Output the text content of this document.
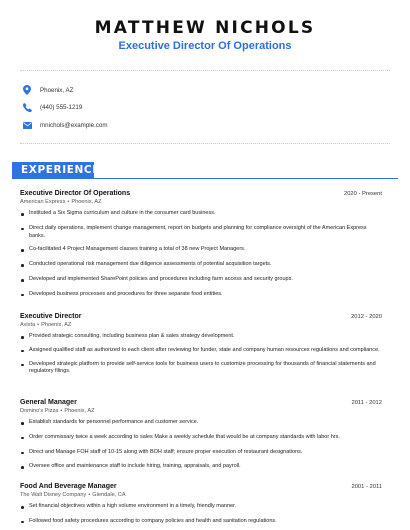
MATTHEW NICHOLS
Executive Director Of Operations
Phoenix, AZ
(440) 555-1219
mnichols@example.com
EXPERIENCE
Executive Director Of Operations	2020 - Present
American Express • Phoenix, AZ
Instituted a Six Sigma curriculum and culture in the consumer card business.
Direct daily operations, implement change management, report on budgets and planning for compliance oversight of the American Express banks.
Co-facilitated 4 Project Management classes training a total of 38 new Project Managers.
Conducted operational risk management due diligence assessments of potential acquisition targets.
Developed and implemented SharePoint policies and procedures including farm access and security groups.
Developed business processes and procedures for three separate food entities.
Executive Director	2012 - 2020
Avista • Phoenix, AZ
Provided strategic consulting, including business plan & sales strategy development.
Assigned qualified staff as authorized to each client after reviewing for funder, state and company human resources regulations and compliance.
Developed strategic platform to provide self-service tools for business users to customize processing for thousands of financial statements and regulatory filings.
General Manager	2011 - 2012
Domino's Pizza • Phoenix, AZ
Establish standards for personnel performance and customer service.
Order commissary twice a week according to sales Make a weekly schedule that would be at company standards with labor hrs.
Direct and Manage FOH staff of 10-15 along with BOH staff; ensure proper execution of restaurant designations.
Oversee office and maintenance staff to include hiring, training, appraisals, and payroll.
Food And Beverage Manager	2001 - 2011
The Walt Disney Company • Glendale, CA
Set financial objectives within a high volume environment in a timely, friendly manner.
Followed food safety procedures according to company policies and health and sanitation regulations.
